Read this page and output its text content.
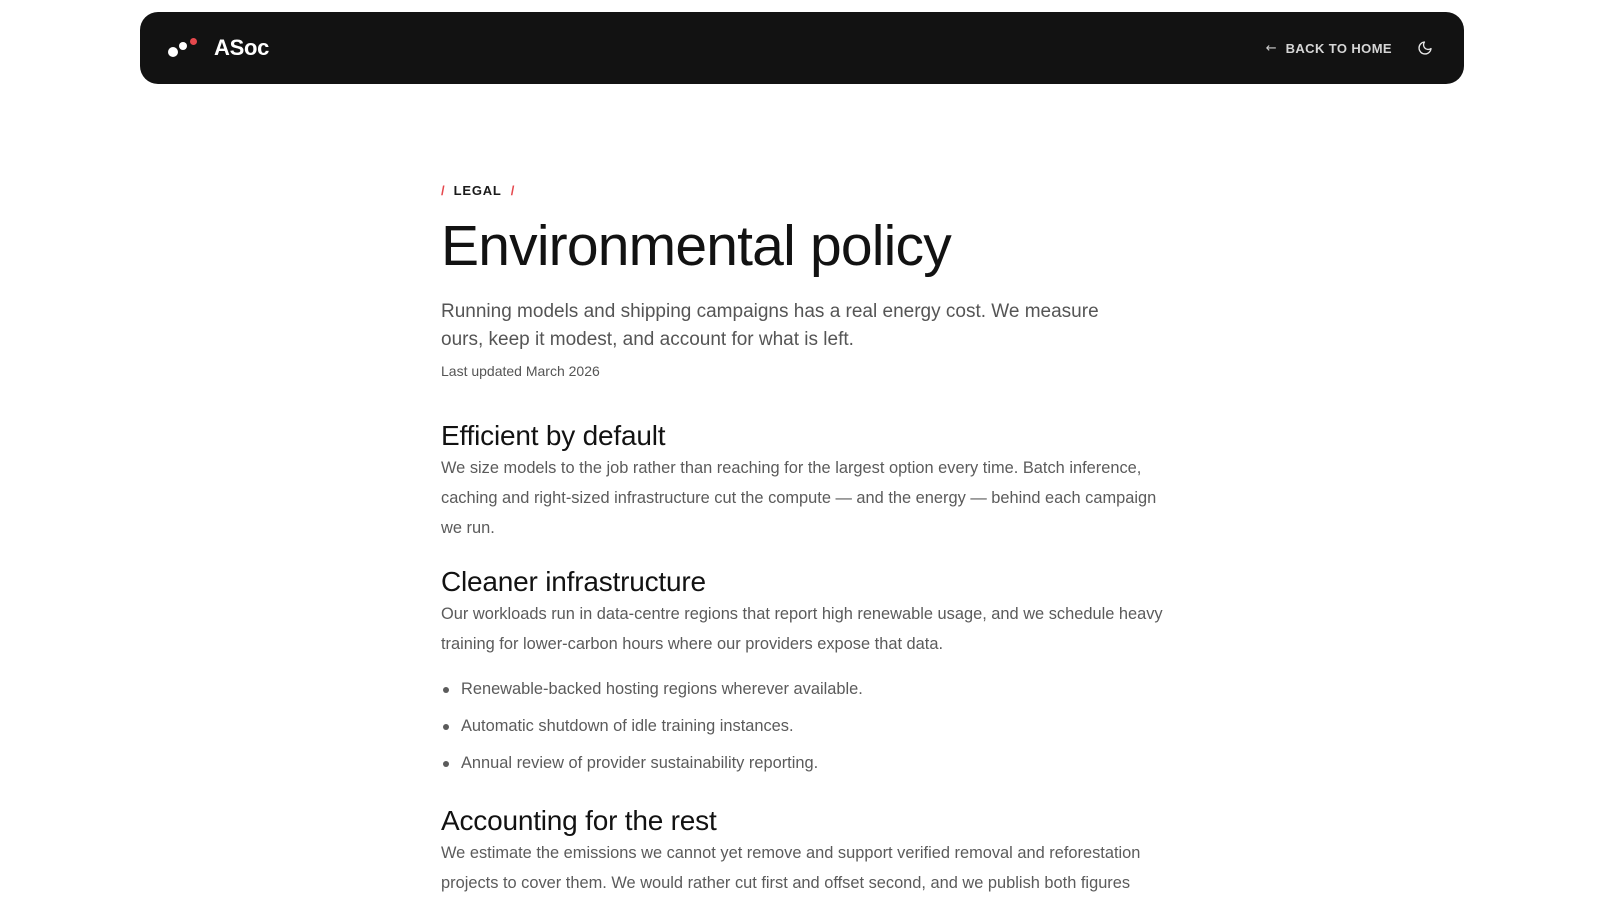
ASoc	← BACK TO HOME
/ LEGAL /
Environmental policy

Running models and shipping campaigns has a real energy cost. We measure ours, keep it modest, and account for what is left.

Last updated March 2026

Efficient by default

We size models to the job rather than reaching for the largest option every time. Batch inference, caching and right-sized infrastructure cut the compute — and the energy — behind each campaign we run.

Cleaner infrastructure

Our workloads run in data-centre regions that report high renewable usage, and we schedule heavy training for lower-carbon hours where our providers expose that data.

Renewable-backed hosting regions wherever available.
Automatic shutdown of idle training instances.
Annual review of provider sustainability reporting.
Accounting for the rest

We estimate the emissions we cannot yet remove and support verified removal and reforestation projects to cover them. We would rather cut first and offset second, and we publish both figures
